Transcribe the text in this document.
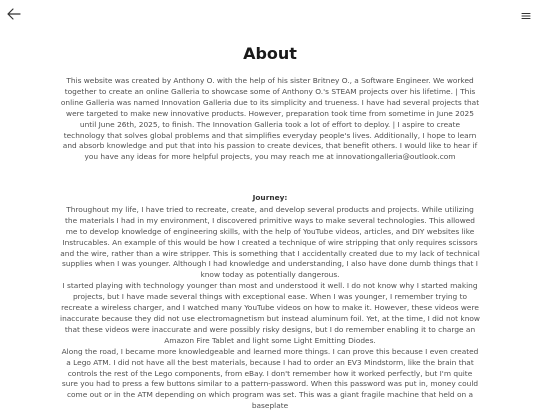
About

This website was created by Anthony O. with the help of his sister Britney O., a Software Engineer. We worked together to create an online Galleria to showcase some of Anthony O.'s STEAM projects over his lifetime. | This online Galleria was named Innovation Galleria due to its simplicity and trueness. I have had several projects that were targeted to make new innovative products. However, preparation took time from sometime in June 2025 until June 26th, 2025, to finish. The Innovation Galleria took a lot of effort to deploy. | I aspire to create technology that solves global problems and that simplifies everyday people's lives. Additionally, I hope to learn and absorb knowledge and put that into his passion to create devices, that benefit others. I would like to hear if you have any ideas for more helpful projects, you may reach me at innovationgalleria@outlook.com

Journey:

Throughout my life, I have tried to recreate, create, and develop several products and projects. While utilizing the materials I had in my environment, I discovered primitive ways to make several technologies. This allowed me to develop knowledge of engineering skills, with the help of YouTube videos, articles, and DIY websites like Instrucables. An example of this would be how I created a technique of wire stripping that only requires scissors and the wire, rather than a wire stripper. This is something that I accidentally created due to my lack of technical supplies when I was younger. Although I had knowledge and understanding, I also have done dumb things that I know today as potentially dangerous.

I started playing with technology younger than most and understood it well. I do not know why I started making projects, but I have made several things with exceptional ease. When I was younger, I remember trying to recreate a wireless charger, and I watched many YouTube videos on how to make it. However, these videos were inaccurate because they did not use electromagnetism but instead aluminum foil. Yet, at the time, I did not know that these videos were inaccurate and were possibly risky designs, but I do remember enabling it to charge an Amazon Fire Tablet and light some Light Emitting Diodes.

Along the road, I became more knowledgeable and learned more things. I can prove this because I even created a Lego ATM. I did not have all the best materials, because I had to order an EV3 Mindstorm, like the brain that controls the rest of the Lego components, from eBay. I don't remember how it worked perfectly, but I'm quite sure you had to press a few buttons similar to a pattern-password. When this password was put in, money could come out or in the ATM depending on which program was set. This was a giant fragile machine that held on a baseplate
